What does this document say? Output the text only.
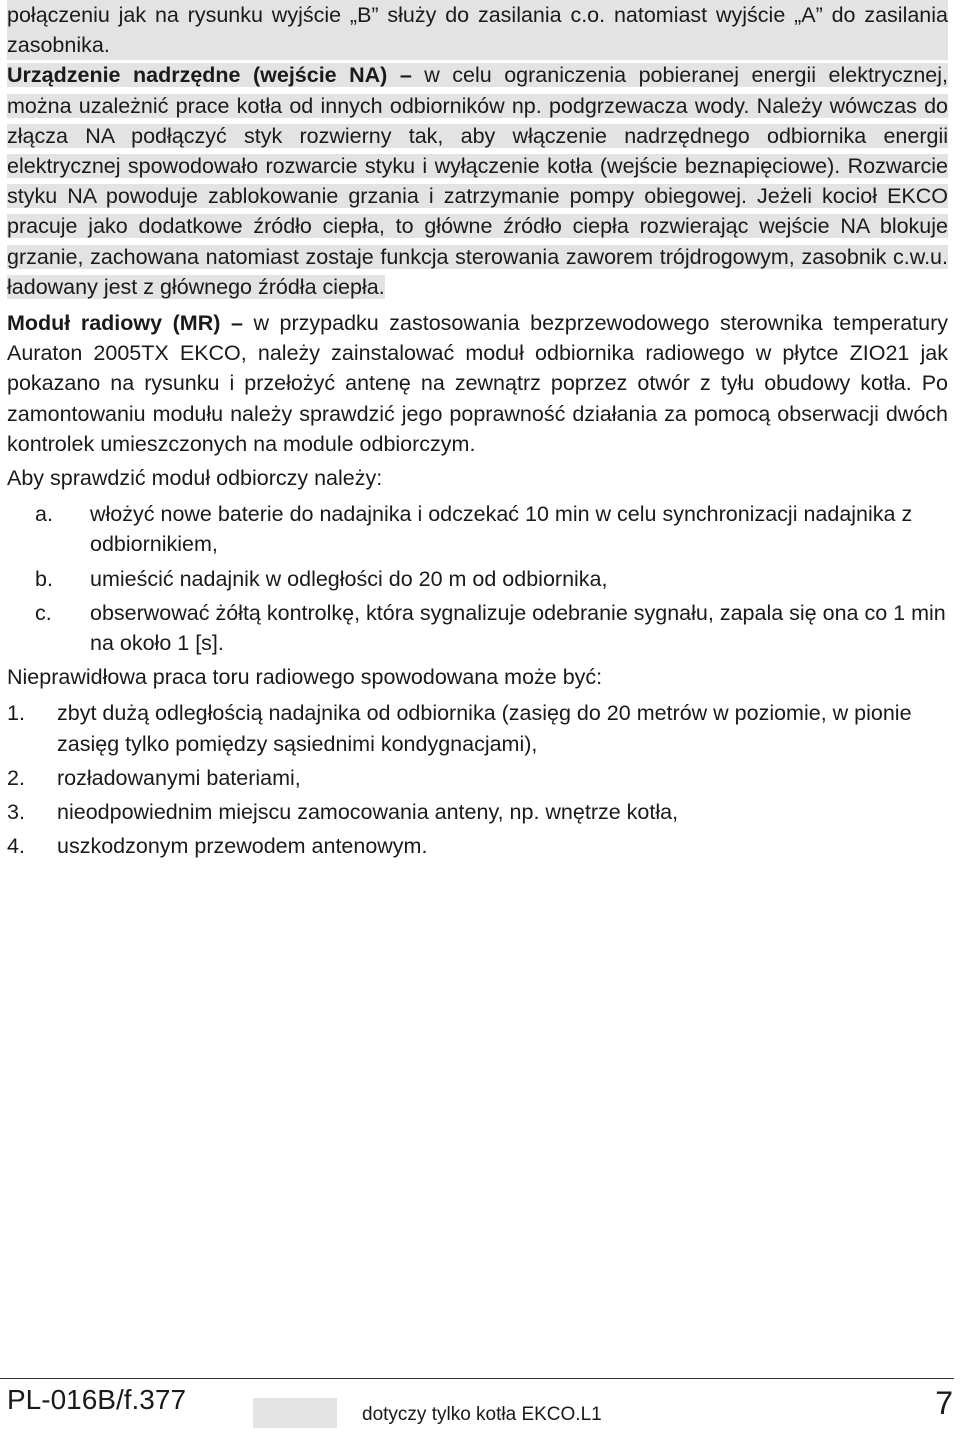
połączeniu jak na rysunku wyjście „B” służy do zasilania c.o. natomiast wyjście „A” do zasilania zasobnika.

Urządzenie nadrzędne (wejście NA) – w celu ograniczenia pobieranej energii elektrycznej, można uzależnić prace kotła od innych odbiorników np. podgrzewacza wody. Należy wówczas do złącza NA podłączyć styk rozwierny tak, aby włączenie nadrzędnego odbiornika energii elektrycznej spowodowało rozwarcie styku i wyłączenie kotła (wejście beznapięciowe). Rozwarcie styku NA powoduje zablokowanie grzania i zatrzymanie pompy obiegowej. Jeżeli kocioł EKCO pracuje jako dodatkowe źródło ciepła, to główne źródło ciepła rozwierając wejście NA blokuje grzanie, zachowana natomiast zostaje funkcja sterowania zaworem trójdrogowym, zasobnik c.w.u. ładowany jest z głównego źródła ciepła.

Moduł radiowy (MR) – w przypadku zastosowania bezprzewodowego sterownika temperatury Auraton 2005TX EKCO, należy zainstalować moduł odbiornika radiowego w płytce ZIO21 jak pokazano na rysunku i przełożyć antenę na zewnątrz poprzez otwór z tyłu obudowy kotła. Po zamontowaniu modułu należy sprawdzić jego poprawność działania za pomocą obserwacji dwóch kontrolek umieszczonych na module odbiorczym.

Aby sprawdzić moduł odbiorczy należy:

a. włożyć nowe baterie do nadajnika i odczekać 10 min w celu synchronizacji nadajnika z odbiornikiem,
b. umieścić nadajnik w odległości do 20 m od odbiornika,
c. obserwować żółtą kontrolkę, która sygnalizuje odebranie sygnału, zapala się ona co 1 min na około 1 [s].

Nieprawidłowa praca toru radiowego spowodowana może być:

1. zbyt dużą odległością nadajnika od odbiornika (zasięg do 20 metrów w poziomie, w pionie zasięg tylko pomiędzy sąsiednimi kondygnacjami),
2. rozładowanymi bateriami,
3. nieodpowiednim miejscu zamocowania anteny, np. wnętrze kotła,
4. uszkodzonym przewodem antenowym.
PL-016B/f.377	dotyczy tylko kotła EKCO.L1	7
